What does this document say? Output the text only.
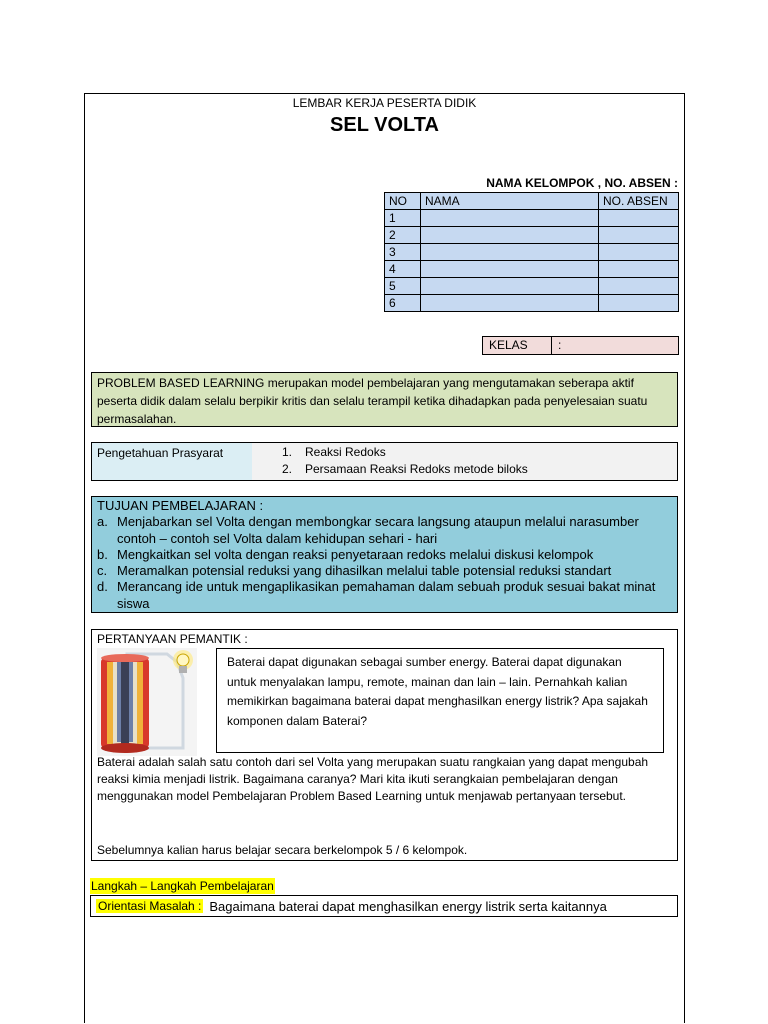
LEMBAR KERJA PESERTA DIDIK
SEL VOLTA
NAMA KELOMPOK , NO. ABSEN :
NO	NAMA	NO. ABSEN
1		
2		
3		
4		
5		
6		
KELAS	:
PROBLEM BASED LEARNING merupakan model pembelajaran yang mengutamakan seberapa aktif peserta didik dalam selalu berpikir kritis dan selalu terampil ketika dihadapkan pada penyelesaian suatu permasalahan.
Pengetahuan Prasyarat	1. Reaksi Redoks
2. Persamaan Reaksi Redoks metode biloks
TUJUAN PEMBELAJARAN :
a. Menjabarkan sel Volta dengan membongkar secara langsung ataupun melalui narasumber contoh – contoh sel Volta dalam kehidupan sehari - hari
b. Mengkaitkan sel volta dengan reaksi penyetaraan redoks melalui diskusi kelompok
c. Meramalkan potensial reduksi yang dihasilkan melalui table potensial reduksi standart
d. Merancang ide untuk mengaplikasikan pemahaman dalam sebuah produk sesuai bakat minat siswa
PERTANYAAN PEMANTIK :
Baterai dapat digunakan sebagai sumber energy. Baterai dapat digunakan untuk menyalakan lampu, remote, mainan dan lain – lain. Pernahkah kalian memikirkan bagaimana baterai dapat menghasilkan energy listrik? Apa sajakah komponen dalam Baterai?
Baterai adalah salah satu contoh dari sel Volta yang merupakan suatu rangkaian yang dapat mengubah reaksi kimia menjadi listrik. Bagaimana caranya? Mari kita ikuti serangkaian pembelajaran dengan menggunakan model Pembelajaran Problem Based Learning untuk menjawab pertanyaan tersebut.
Sebelumnya kalian harus belajar secara berkelompok 5 / 6 kelompok.
Langkah – Langkah Pembelajaran
Orientasi Masalah : Bagaimana baterai dapat menghasilkan energy listrik serta kaitannya
